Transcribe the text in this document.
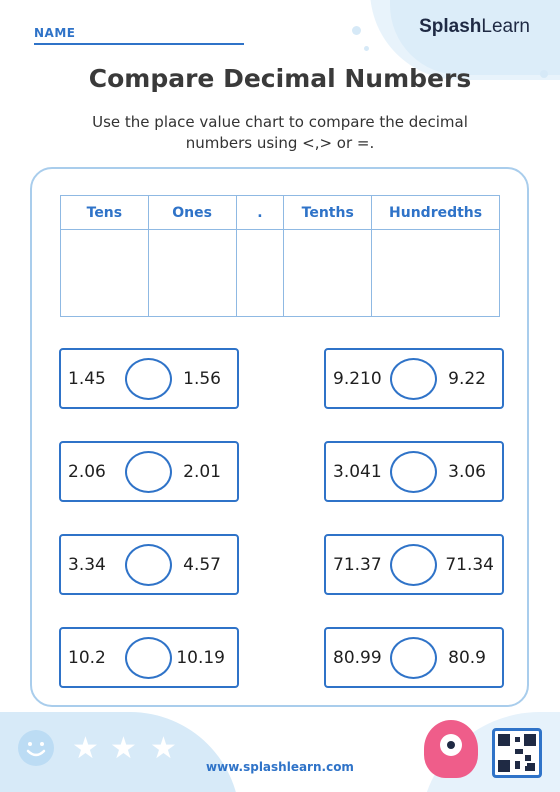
NAME	SplashLearn
Compare Decimal Numbers

Use the place value chart to compare the decimal numbers using <,> or =.

Tens	Ones	.	Tenths	Hundredths

1.45	1.56	9.210	9.22
2.06	2.01	3.041	3.06
3.34	4.57	71.37	71.34
10.2	10.19	80.99	80.9
★ ★ ★
www.splashlearn.com
